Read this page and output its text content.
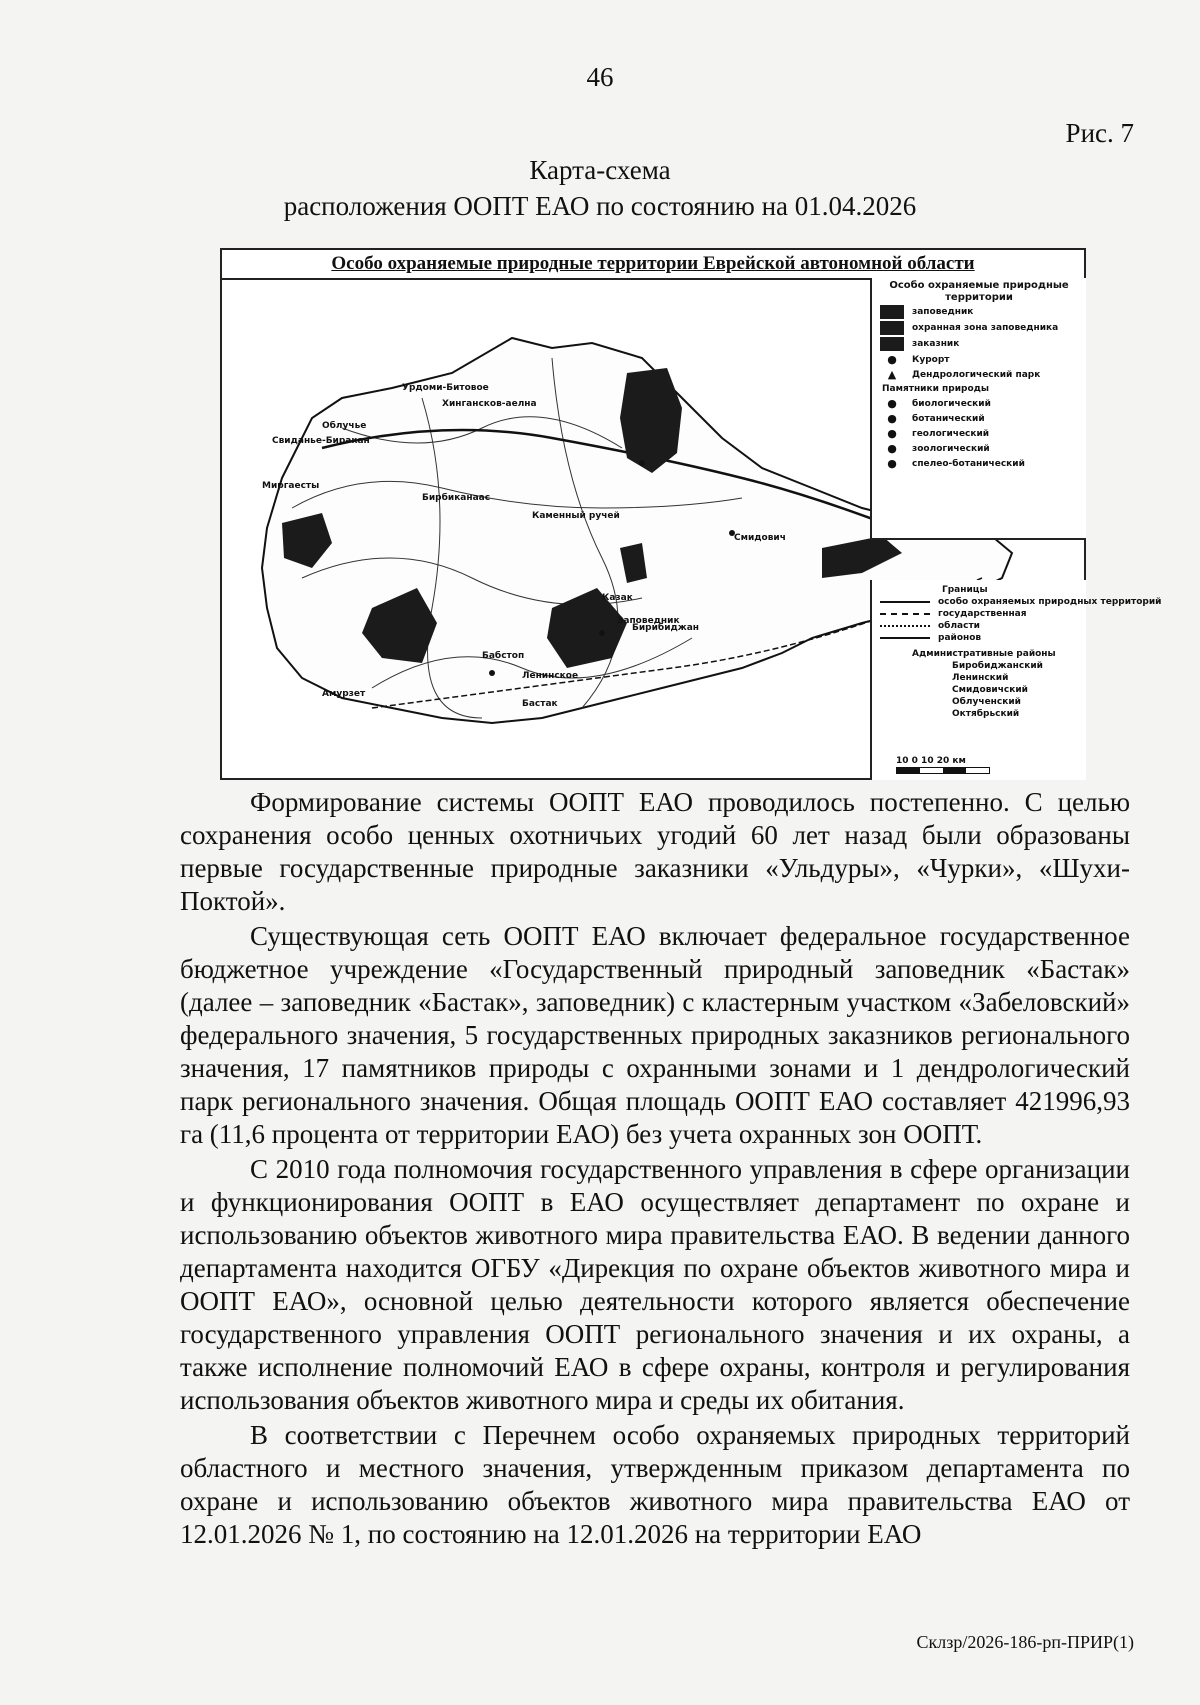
46
Рис. 7
Карта-схема
расположения ООПТ ЕАО по состоянию на 01.04.2026
Особо охраняемые природные территории Еврейской автономной области
Урдоми-Битовое
Хингансков-аелна
Облучье
Свиданье-Биракан
Миргаесты
Бирбиканаас
Смидович
Бабстоп
Бирибиджан
Ленинское
Амурзет
Каменный ручей
Казак
Заповедник
Бастак
Особо охраняемые природные территории
заповедник
охранная зона заповедника
заказник
●	Курорт
▲	Дендрологический парк
Памятники природы
●	биологический
●	ботанический
●	геологический
●	зоологический
●	спелео-ботанический
Границы
особо охраняемых природных территорий
государственная
области
районов
Административные районы
Биробиджанский
Ленинский
Смидовичский
Облученский
Октябрьский
10 0 10 20 км

Формирование системы ООПТ ЕАО проводилось постепенно. С целью сохранения особо ценных охотничьих угодий 60 лет назад были образованы первые государственные природные заказники «Ульдуры», «Чурки», «Шухи-Поктой».

Существующая сеть ООПТ ЕАО включает федеральное государственное бюджетное учреждение «Государственный природный заповедник «Бастак» (далее – заповедник «Бастак», заповедник) с кластерным участком «Забеловский» федерального значения, 5 государственных природных заказников регионального значения, 17 памятников природы с охранными зонами и 1 дендрологический парк регионального значения. Общая площадь ООПТ ЕАО составляет 421996,93 га (11,6 процента от территории ЕАО) без учета охранных зон ООПТ.

С 2010 года полномочия государственного управления в сфере организации и функционирования ООПТ в ЕАО осуществляет департамент по охране и использованию объектов животного мира правительства ЕАО. В ведении данного департамента находится ОГБУ «Дирекция по охране объектов животного мира и ООПТ ЕАО», основной целью деятельности которого является обеспечение государственного управления ООПТ регионального значения и их охраны, а также исполнение полномочий ЕАО в сфере охраны, контроля и регулирования использования объектов животного мира и среды их обитания.

В соответствии с Перечнем особо охраняемых природных территорий областного и местного значения, утвержденным приказом департамента по охране и использованию объектов животного мира правительства ЕАО от 12.01.2026 № 1, по состоянию на 12.01.2026 на территории ЕАО

Склзр/2026-186-рп-ПРИР(1)
